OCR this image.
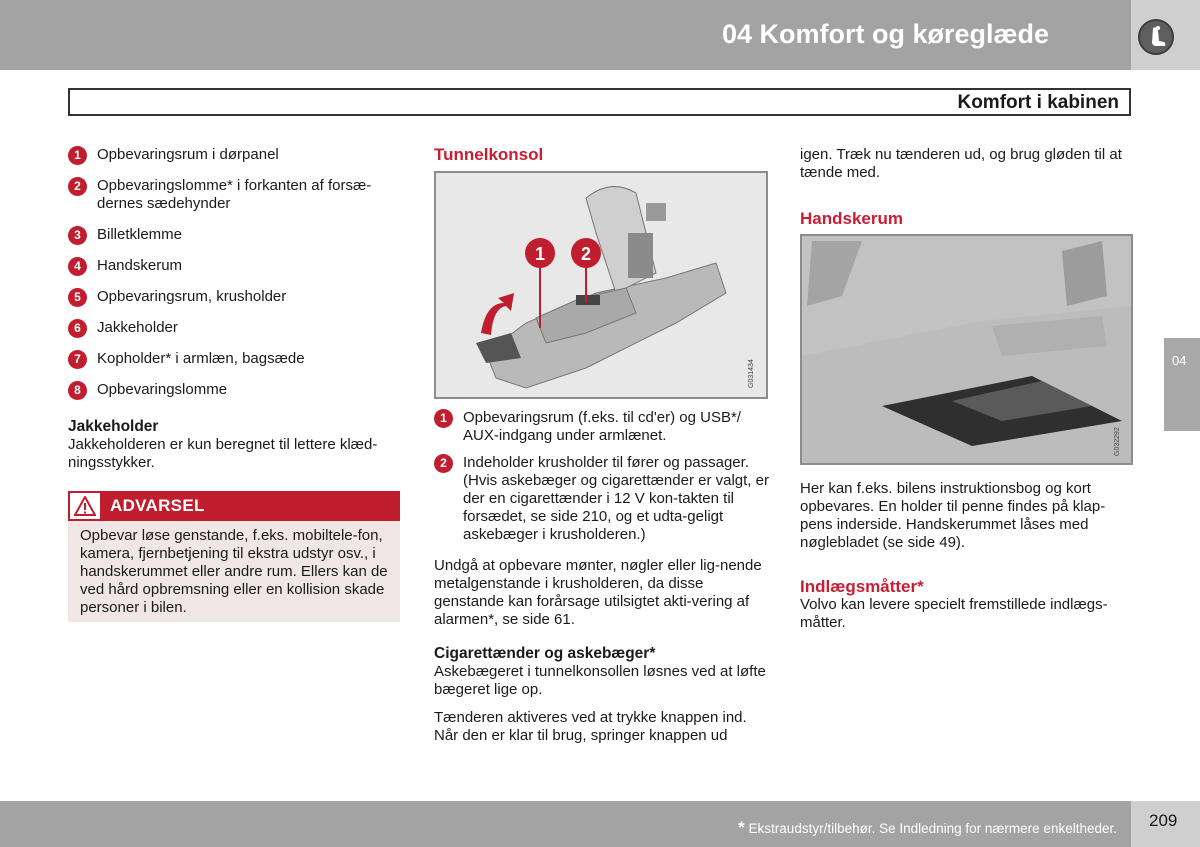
04 Komfort og køreglæde
Komfort i kabinen
1	Opbevaringsrum i dørpanel
2	Opbevaringslomme* i forkanten af forsæ-dernes sædehynder
3	Billetklemme
4	Handskerum
5	Opbevaringsrum, krusholder
6	Jakkeholder
7	Kopholder* i armlæn, bagsæde
8	Opbevaringslomme
Jakkeholder
Jakkeholderen er kun beregnet til lettere klæd-ningsstykker.
ADVARSEL
Opbevar løse genstande, f.eks. mobiltele-fon, kamera, fjernbetjening til ekstra udstyr osv., i handskerummet eller andre rum. Ellers kan de ved hård opbremsning eller en kollision skade personer i bilen.
Tunnelkonsol
1 2
G031434
1	Opbevaringsrum (f.eks. til cd'er) og USB*/ AUX-indgang under armlænet.
2	Indeholder krusholder til fører og passager. (Hvis askebæger og cigarettænder er valgt, er der en cigarettænder i 12 V kon-takten til forsædet, se side 210, og et udta-geligt askebæger i krusholderen.)
Undgå at opbevare mønter, nøgler eller lig-nende metalgenstande i krusholderen, da disse genstande kan forårsage utilsigtet akti-vering af alarmen*, se side 61.
Cigarettænder og askebæger*
Askebægeret i tunnelkonsollen løsnes ved at løfte bægeret lige op.
Tænderen aktiveres ved at trykke knappen ind. Når den er klar til brug, springer knappen ud
igen. Træk nu tænderen ud, og brug gløden til at tænde med.
Handskerum
G032292
Her kan f.eks. bilens instruktionsbog og kort opbevares. En holder til penne findes på klap-pens inderside. Handskerummet låses med nøglebladet (se side 49).
Indlægsmåtter*
Volvo kan levere specielt fremstillede indlægs-måtter.
04
* Ekstraudstyr/tilbehør. Se Indledning for nærmere enkeltheder. 209
